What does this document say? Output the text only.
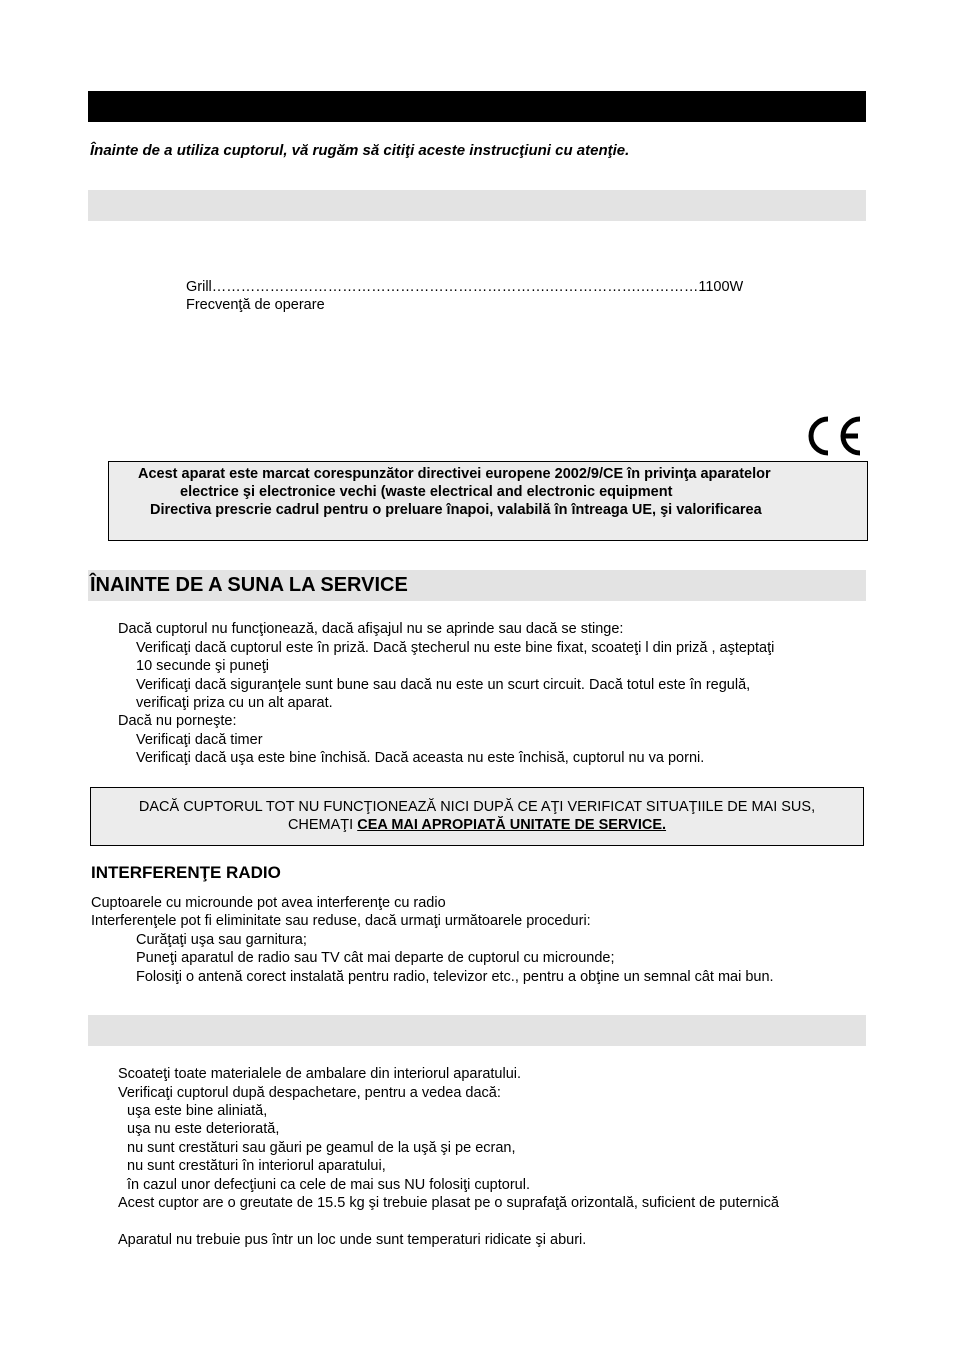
Înainte de a utiliza cuptorul, vă rugăm să citiţi aceste instrucţiuni cu atenţie.
Grill…………………………………………………………….……………….…………1100W
Frecvenţă de operare
Acest aparat este marcat corespunzător directivei europene 2002/9/CE în privinţa aparatelor
electrice şi electronice vechi (waste electrical and electronic equipment
Directiva prescrie cadrul pentru o preluare înapoi, valabilă în întreaga UE, şi valorificarea
ÎNAINTE DE A SUNA LA SERVICE
Dacă cuptorul nu funcţionează, dacă afişajul nu se aprinde sau dacă se stinge:
Verificaţi dacă cuptorul este în priză. Dacă ştecherul nu este bine fixat, scoateţi l din priză , aşteptaţi
10 secunde şi puneţi
Verificaţi dacă siguranţele sunt bune sau dacă nu este un scurt circuit. Dacă totul este în regulă,
verificaţi priza cu un alt aparat.
Dacă nu porneşte:
Verificaţi dacă timer
Verificaţi dacă uşa este bine închisă. Dacă aceasta nu este închisă, cuptorul nu va porni.
DACĂ CUPTORUL TOT NU FUNCŢIONEAZĂ NICI DUPĂ CE AŢI VERIFICAT SITUAŢIILE DE MAI SUS,
CHEMAŢI CEA MAI APROPIATĂ UNITATE DE SERVICE.
INTERFERENŢE RADIO
Cuptoarele cu microunde pot avea interferenţe cu radio
Interferenţele pot fi eliminitate sau reduse, dacă urmaţi următoarele proceduri:
Curăţaţi uşa sau garnitura;
Puneţi aparatul de radio sau TV cât mai departe de cuptorul cu microunde;
Folosiţi o antenă corect instalată pentru radio, televizor etc., pentru a obţine un semnal cât mai bun.
Scoateţi toate materialele de ambalare din interiorul aparatului.
Verificaţi cuptorul după despachetare, pentru a vedea dacă:
uşa este bine aliniată,
uşa nu este deteriorată,
nu sunt crestături sau găuri pe geamul de la uşă şi pe ecran,
nu sunt crestături în interiorul aparatului,
în cazul unor defecţiuni ca cele de mai sus NU folosiţi cuptorul.
Acest cuptor are o greutate de 15.5 kg şi trebuie plasat pe o suprafaţă orizontală, suficient de puternică
Aparatul nu trebuie pus într un loc unde sunt temperaturi ridicate şi aburi.
